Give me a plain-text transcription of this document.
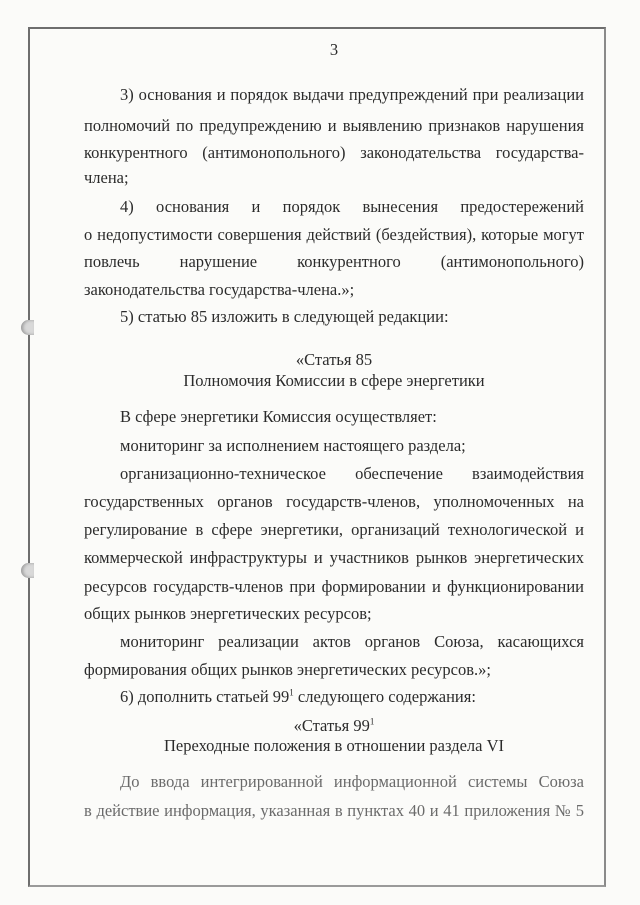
3
3) основания и порядок выдачи предупреждений при реализации
полномочий по предупреждению и выявлению признаков нарушения
конкурентного (антимонопольного) законодательства государства-
члена;
4) основания и порядок вынесения предостережений
о недопустимости совершения действий (бездействия), которые могут
повлечь нарушение конкурентного (антимонопольного)
законодательства государства-члена.»;
5) статью 85 изложить в следующей редакции:
«Статья 85
Полномочия Комиссии в сфере энергетики
В сфере энергетики Комиссия осуществляет:
мониторинг за исполнением настоящего раздела;
организационно-техническое обеспечение взаимодействия
государственных органов государств-членов, уполномоченных на
регулирование в сфере энергетики, организаций технологической и
коммерческой инфраструктуры и участников рынков энергетических
ресурсов государств-членов при формировании и функционировании
общих рынков энергетических ресурсов;
мониторинг реализации актов органов Союза, касающихся
формирования общих рынков энергетических ресурсов.»;
6) дополнить статьей $99^1$ следующего содержания:
«Статья $99^1$
Переходные положения в отношении раздела VI
До ввода интегрированной информационной системы Союза
в действие информация, указанная в пунктах 40 и 41 приложения № 5
